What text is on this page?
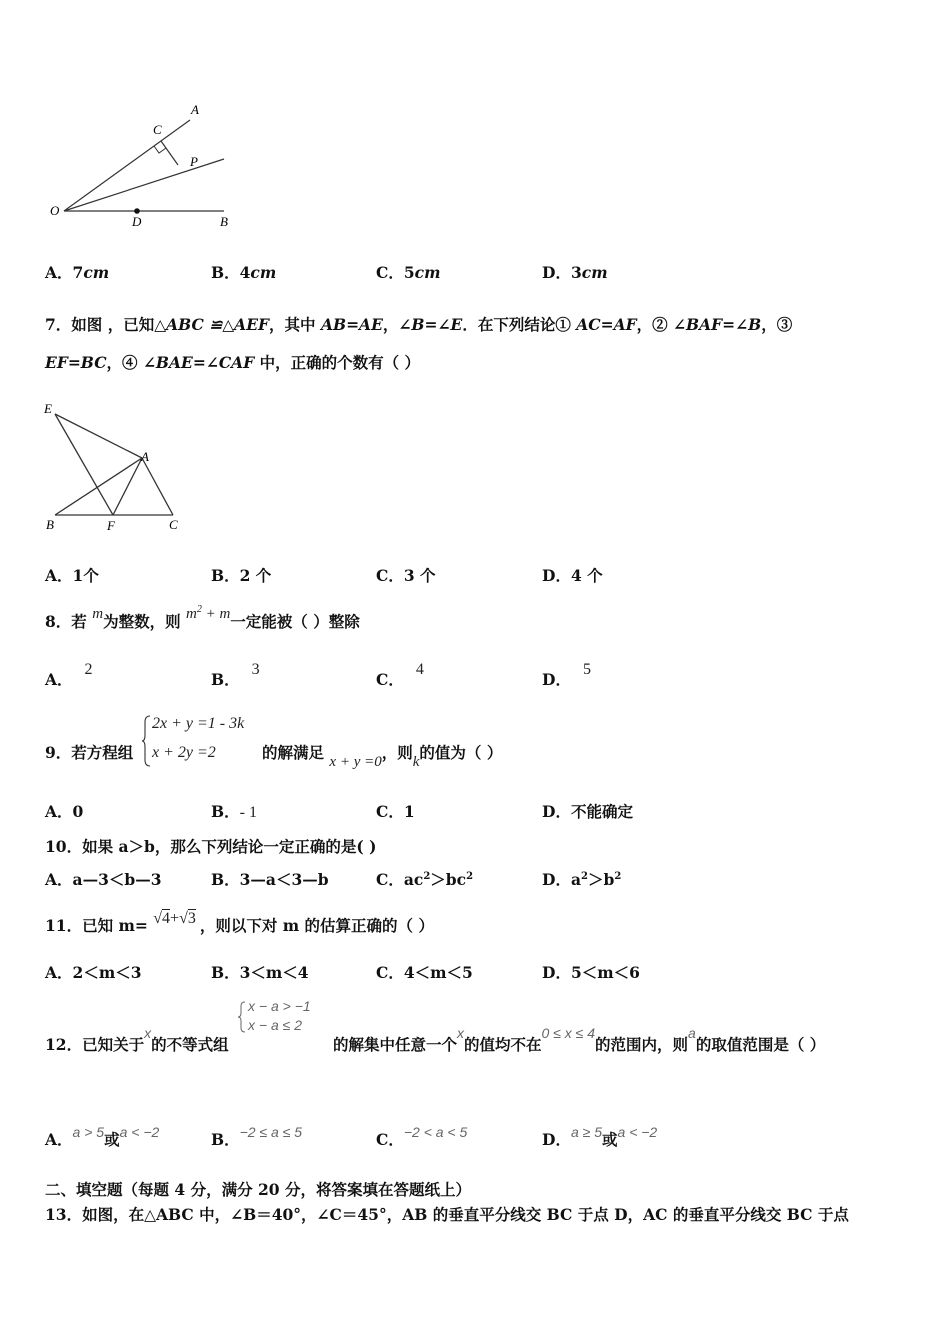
A
C
P
O
D	B
A．7cm	B．4cm	C．5cm	D．3cm
7．如图 ，已知△ABC ≌△AEF，其中 AB=AE，∠B=∠E．在下列结论① AC=AF，② ∠BAF=∠B，③
EF=BC，④ ∠BAE=∠CAF 中，正确的个数有（ ）
E
A
B	F	C
A．1个	B．2 个	C．3 个	D．4 个
8．若 m为整数，则 $m^2 + m$一定能被（ ）整除
A．2
B．3
C．4
D．5
9．若方程组
2x + y =1 - 3k
x + 2y =2	的解满足 x + y =0，则k的值为（ ）
A．0	B．- 1	C．1	D．不能确定
10．如果 a＞b，那么下列结论一定正确的是( )
A．a—3＜b—3	B．3—a＜3—b	C．$ac^2>bc^2$	D．$a^2>b^2$
11．已知 m= √4+√3 ，则以下对 m 的估算正确的（ ）
A．2＜m＜3	B．3＜m＜4	C．4＜m＜5	D．5＜m＜6
12．已知关于x的不等式组
x − a > −1
x − a ≤ 2
的解集中任意一个x的值均不在0 ≤ x ≤ 4的范围内，则a的取值范围是（ ）
A．a > 5或a < −2	B．−2 ≤ a ≤ 5	C．−2 < a < 5	D．a ≥ 5或a < −2
二、填空题（每题 4 分，满分 20 分，将答案填在答题纸上）
13．如图，在△ABC 中，∠B＝40°，∠C＝45°，AB 的垂直平分线交 BC 于点 D，AC 的垂直平分线交 BC 于点
